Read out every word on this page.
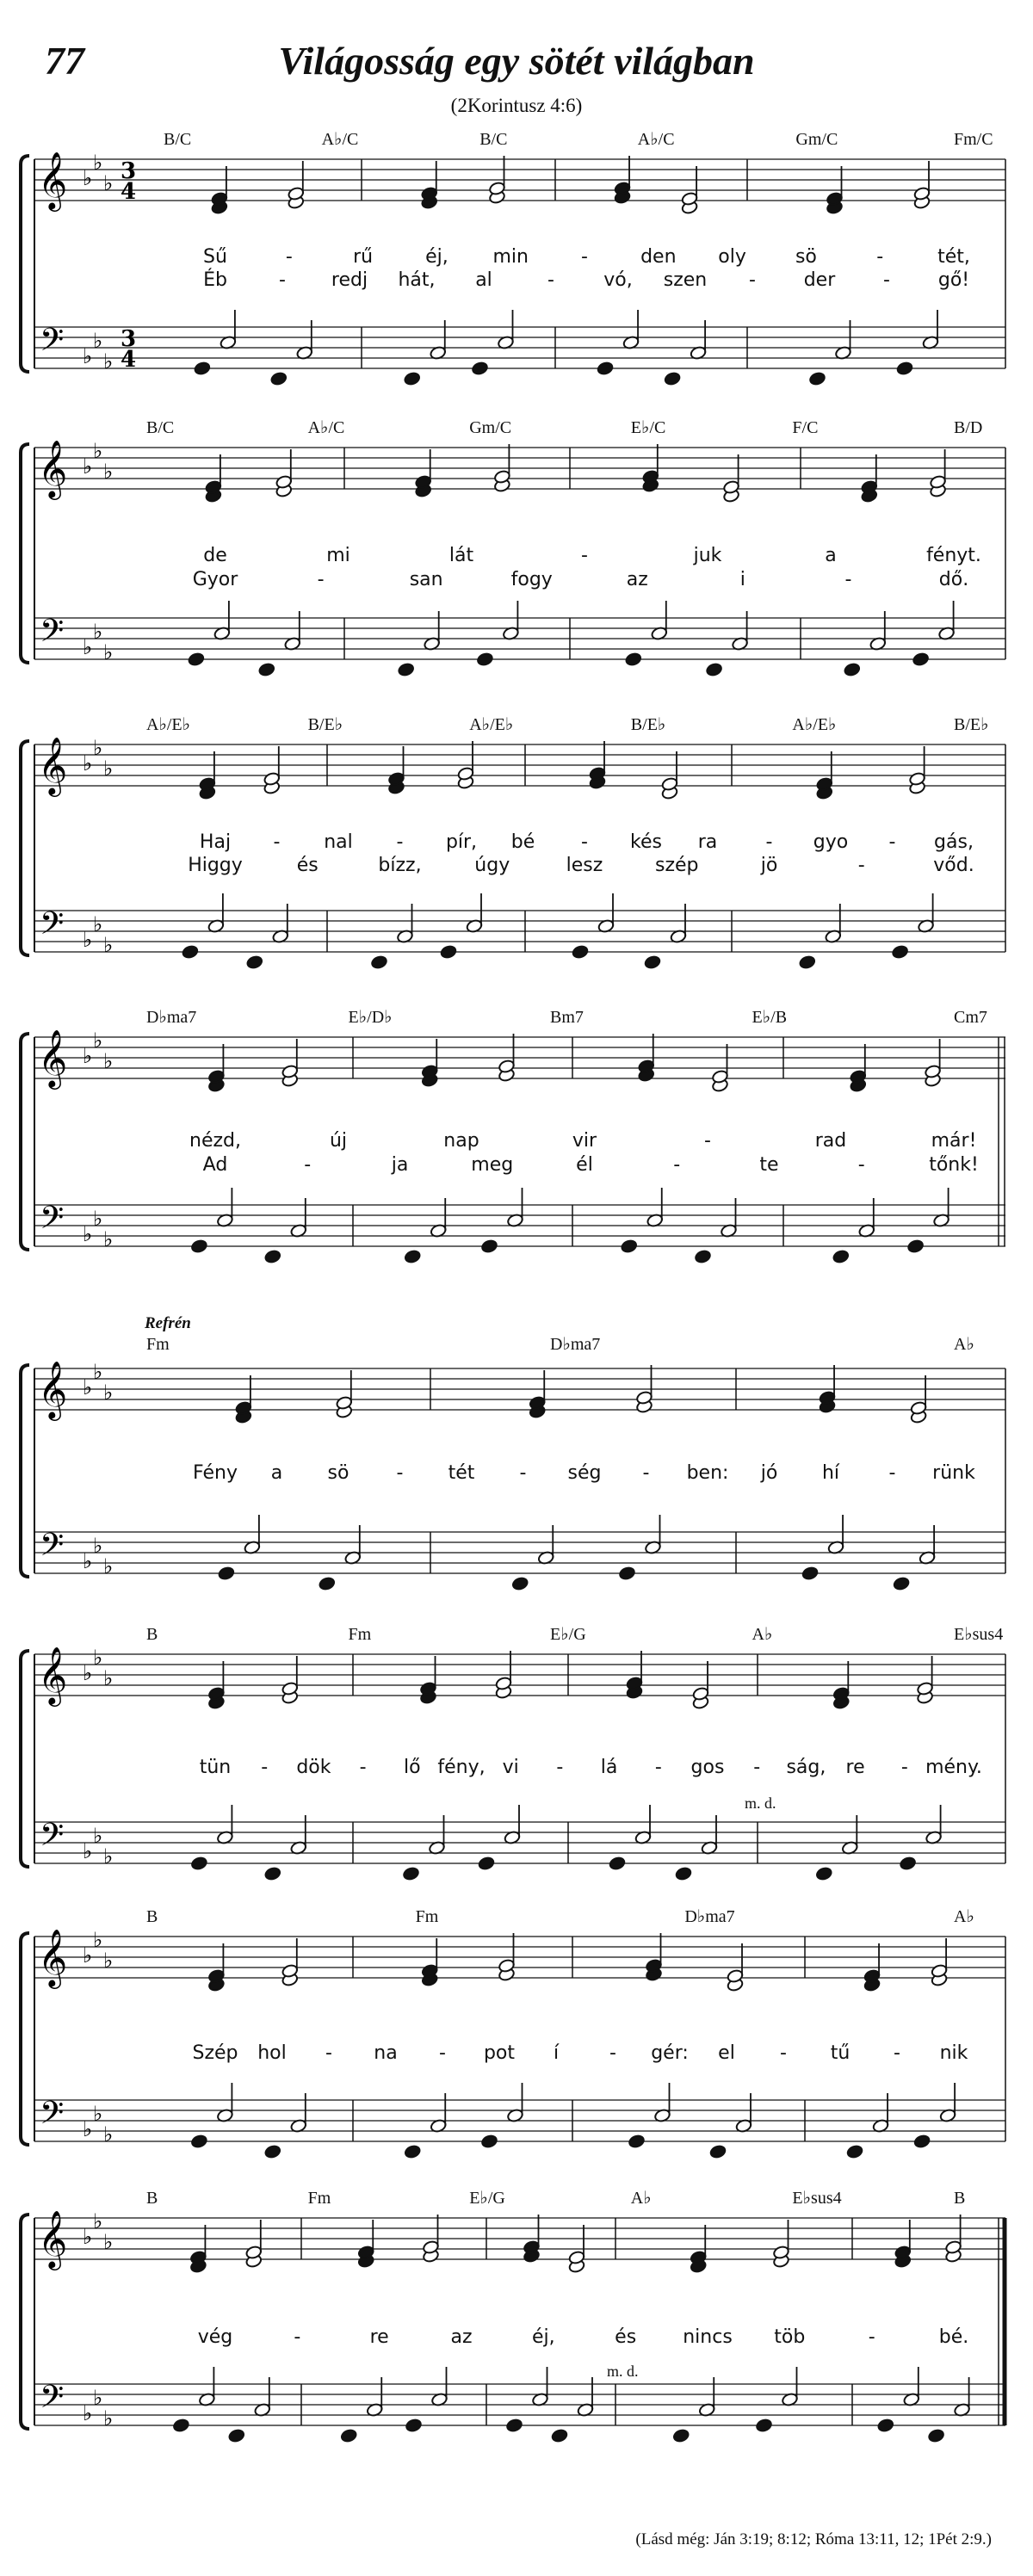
77	Világosság egy sötét világban
(2Korintusz 4:6)
𝄞
𝄢
♭
♭
♭
♭
♭
♭
3
4
3
4
B/C	A♭/C	B/C	A♭/C	Gm/C	Fm/C
Sű	-	rű	éj, min	-	den oly	sö	-	tét,
Éb	- redj hát, al	-	vó, szen -	der	-	gő!
𝄞
𝄢
♭
♭
♭
♭
♭
♭
B/C	A♭/C	Gm/C	E♭/C	F/C	B/D
de	mi	lát	-	juk	a	fényt.
Gyor	-	san	fogy	az	i	-	dő.
𝄞
𝄢
♭
♭
♭
♭
♭
♭
A♭/E♭	B/E♭	A♭/E♭	B/E♭	A♭/E♭	B/E♭
Haj - nal - pír, bé - kés ra	- gyo - gás,
Higgy	és	bízz,	úgy	lesz	szép	jö	-	vőd.
𝄞
𝄢
♭
♭
♭
♭
♭
♭
D♭ma7	E♭/D♭	Bm7	E♭/B	Cm7
nézd,	új	nap	vir	-	rad	már!
Ad	-	ja	meg	él	-	te	-	tőnk!
𝄞
𝄢
♭
♭
♭
♭
♭
♭
Fm	D♭ma7	A♭
Fény a sö	- tét - ség - ben: jó hí	- rünk
𝄞
𝄢
♭
♭
♭
♭
♭
♭
B	Fm	E♭/G	A♭	E♭sus4
tün - dök - lő fény, vi - lá - gos - ság, re - mény.
𝄞
𝄢
♭
♭
♭
♭
♭
♭
B	Fm	D♭ma7	A♭
Szép hol - na - pot í	- gér: el - tű - nik
𝄞
𝄢
♭
♭
♭
♭
♭
♭
B	Fm	E♭/G	A♭	E♭sus4	B
vég	-	re	az	éj,	és nincs töb	-	bé.
Refrén
m. d.
m. d.
(Lásd még: Ján 3:19; 8:12; Róma 13:11, 12; 1Pét 2:9.)
